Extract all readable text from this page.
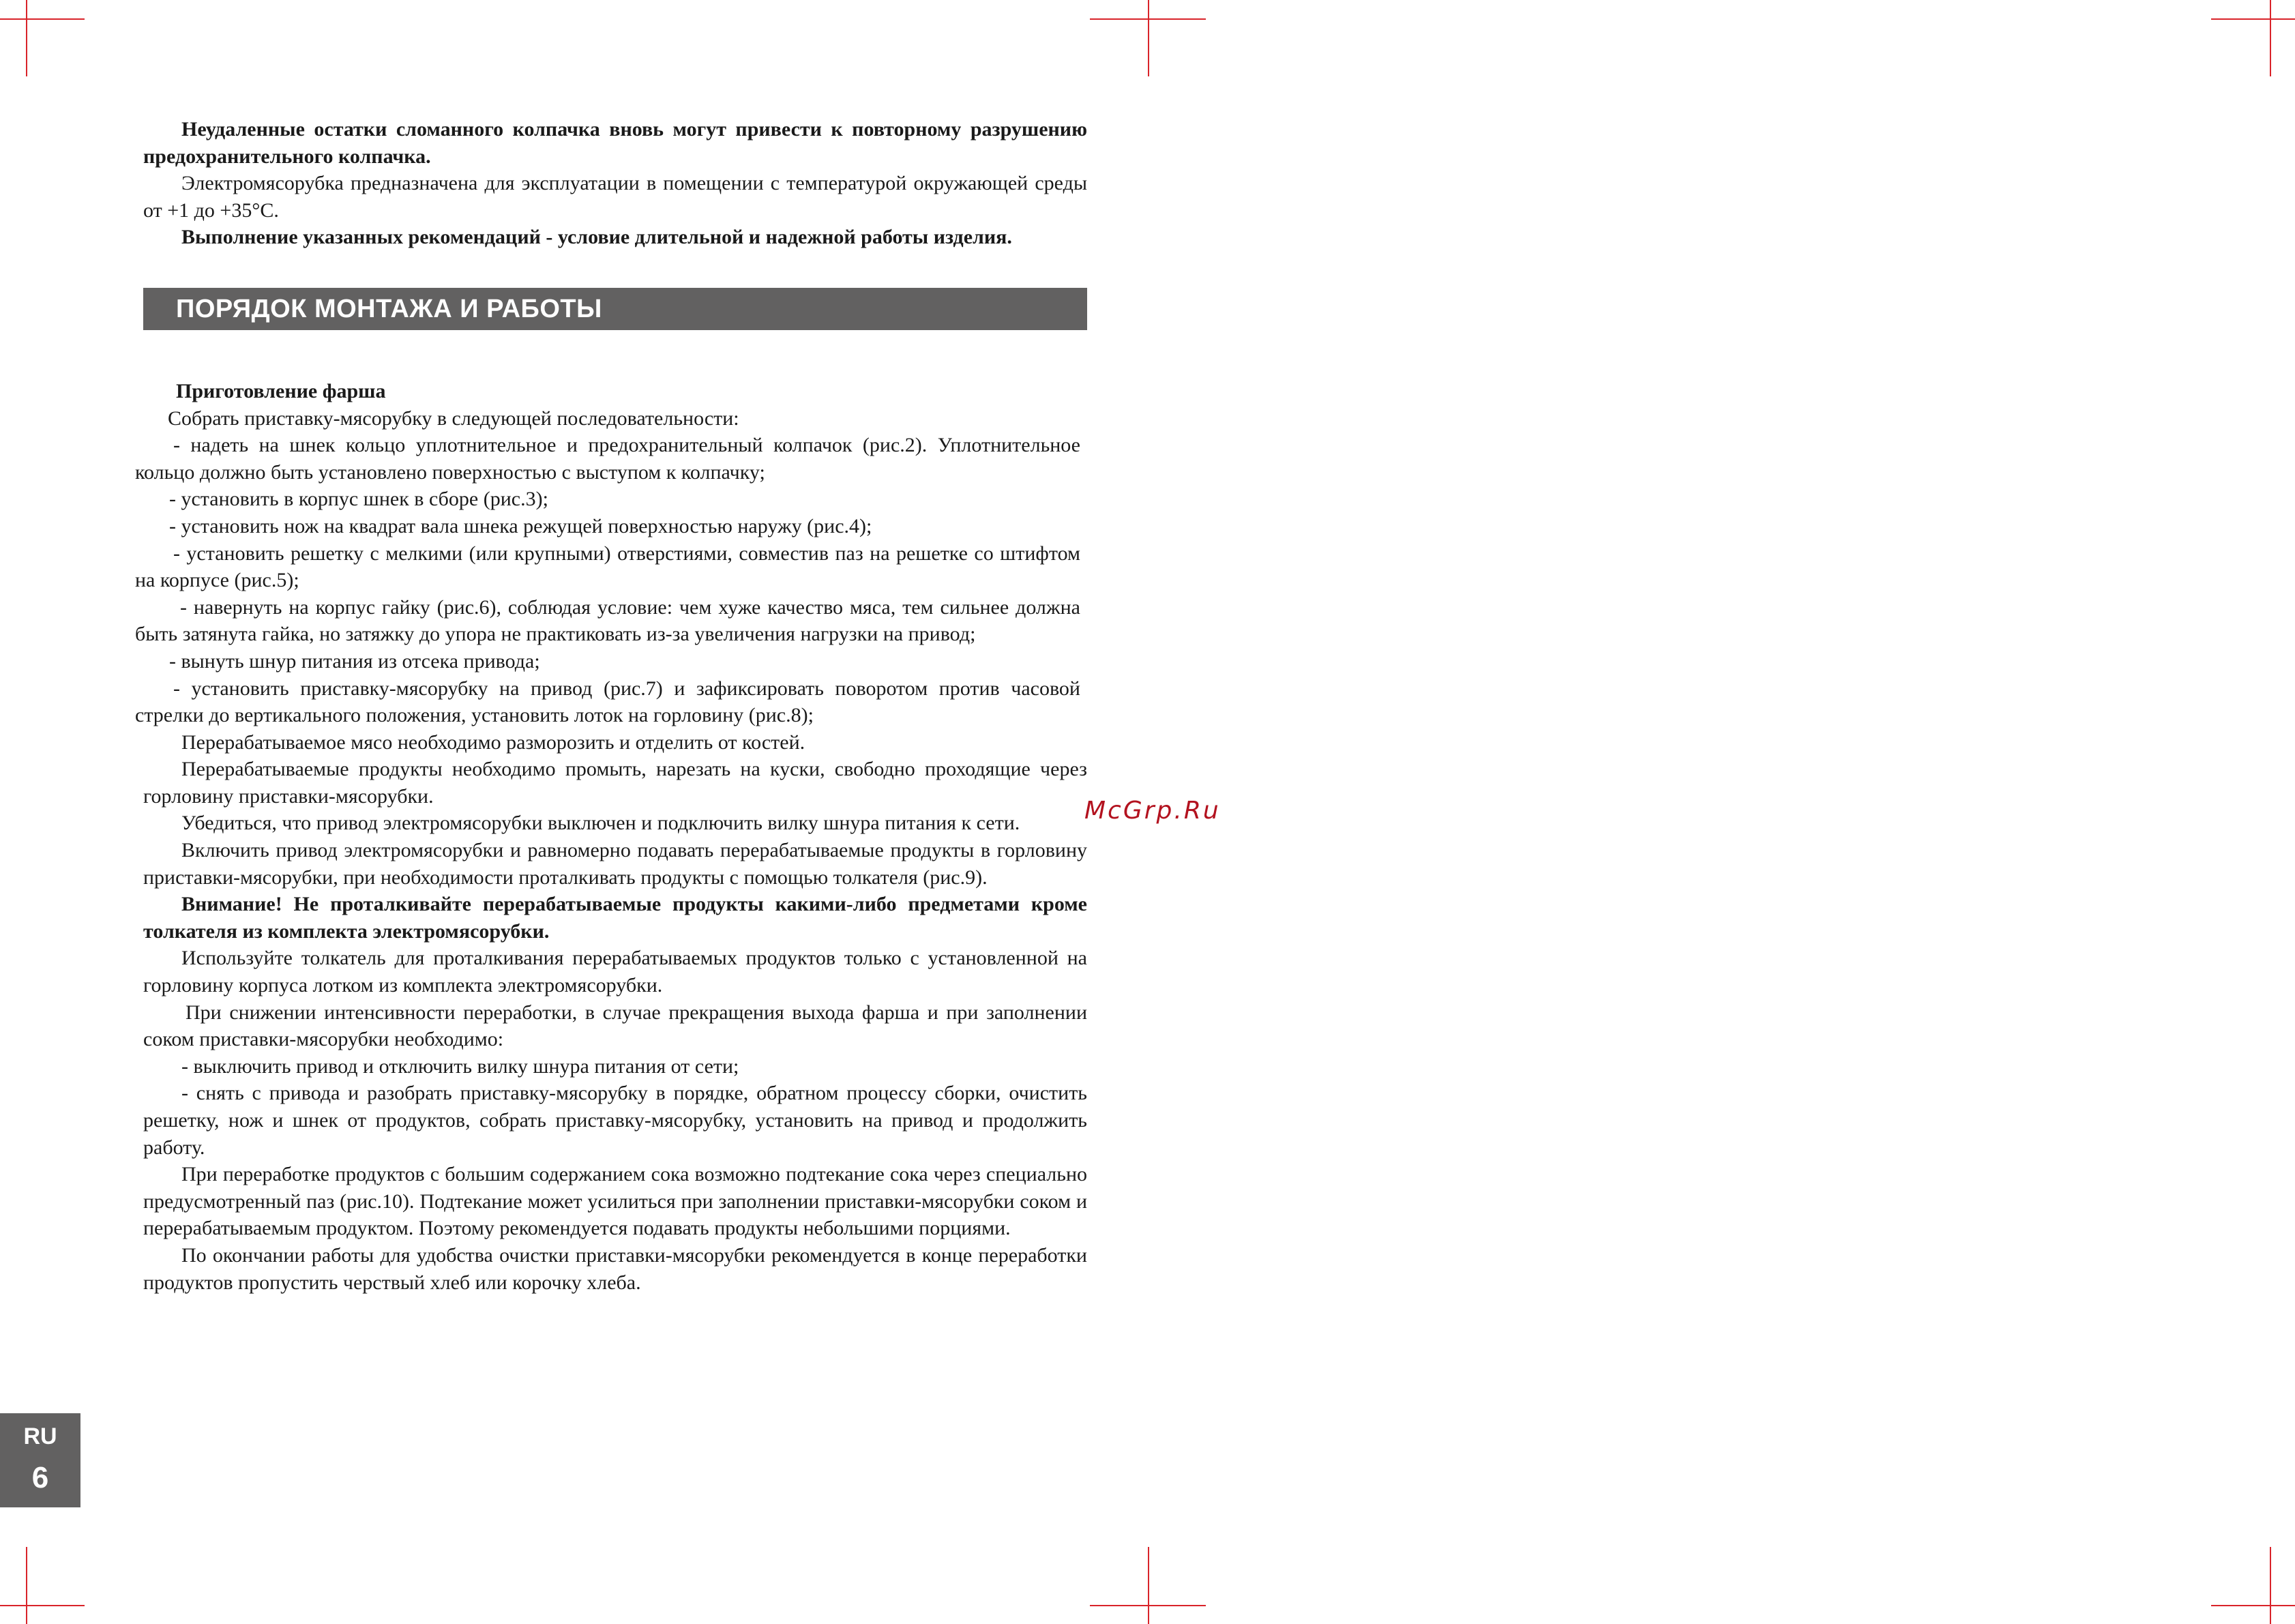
Неудаленные остатки сломанного колпачка вновь могут привести к повторному разрушению предохранительного колпачка.

Электромясорубка предназначена для эксплуатации в помещении с температурой окружающей среды от +1 до +35°С.

Выполнение указанных рекомендаций - условие длительной и надежной работы изделия.

ПОРЯДОК МОНТАЖА И РАБОТЫ

Приготовление фарша

Собрать приставку-мясорубку в следующей последовательности:

- надеть на шнек кольцо уплотнительное и предохранительный колпачок (рис.2). Уплотнительное кольцо должно быть установлено поверхностью с выступом к колпачку;

- установить в корпус шнек в сборе (рис.3);

- установить нож на квадрат вала шнека режущей поверхностью наружу (рис.4);

- установить решетку с мелкими (или крупными) отверстиями, совместив паз на решетке со штифтом на корпусе (рис.5);

- навернуть на корпус гайку (рис.6), соблюдая условие: чем хуже качество мяса, тем сильнее должна быть затянута гайка, но затяжку до упора не практиковать из-за увеличения нагрузки на привод;

- вынуть шнур питания из отсека привода;

- установить приставку-мясорубку на привод (рис.7) и зафиксировать поворотом против часовой стрелки до вертикального положения, установить лоток на горловину (рис.8);

Перерабатываемое мясо необходимо разморозить и отделить от костей.

Перерабатываемые продукты необходимо промыть, нарезать на куски, свободно проходящие через горловину приставки-мясорубки.

Убедиться, что привод электромясорубки выключен и подключить вилку шнура питания к сети.

Включить привод электромясорубки и равномерно подавать перерабатываемые продукты в горловину приставки-мясорубки, при необходимости проталкивать продукты с помощью толкателя (рис.9).

Внимание! Не проталкивайте перерабатываемые продукты какими-либо предметами кроме толкателя из комплекта электромясорубки.

Используйте толкатель для проталкивания перерабатываемых продуктов только с установленной на горловину корпуса лотком из комплекта электромясорубки.

При снижении интенсивности переработки, в случае прекращения выхода фарша и при заполнении соком приставки-мясорубки необходимо:

- выключить привод и отключить вилку шнура питания от сети;

- снять с привода и разобрать приставку-мясорубку в порядке, обратном процессу сборки, очистить решетку, нож и шнек от продуктов, собрать приставку-мясорубку, установить на привод и продолжить работу.

При переработке продуктов с большим содержанием сока возможно подтекание сока через специально предусмотренный паз (рис.10). Подтекание может усилиться при заполнении приставки-мясорубки соком и перерабатываемым продуктом. Поэтому рекомендуется подавать продукты небольшими порциями.

По окончании работы для удобства очистки приставки-мясорубки рекомендуется в конце переработки продуктов пропустить черствый хлеб или корочку хлеба.

McGrp.Ru
RU
6
